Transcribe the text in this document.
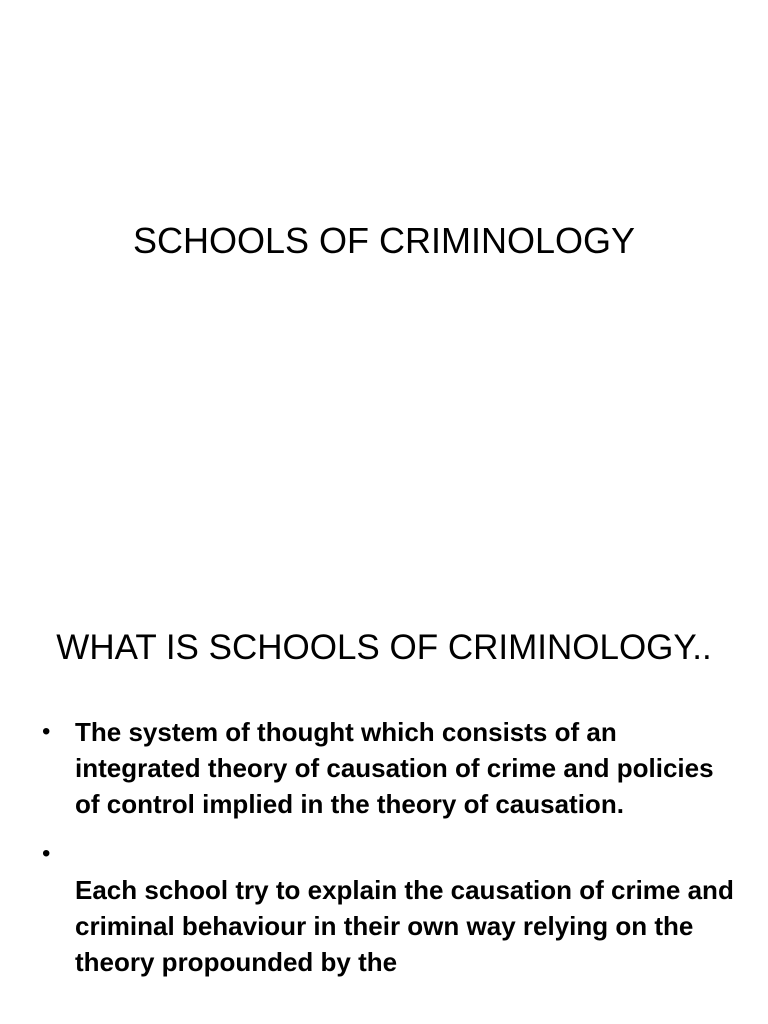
SCHOOLS OF CRIMINOLOGY
WHAT IS SCHOOLS OF CRIMINOLOGY..
• The system of thought which consists of an integrated theory of causation of crime and policies of control implied in the theory of causation.
•
Each school try to explain the causation of crime and criminal behaviour in their own way relying on the theory propounded by the
